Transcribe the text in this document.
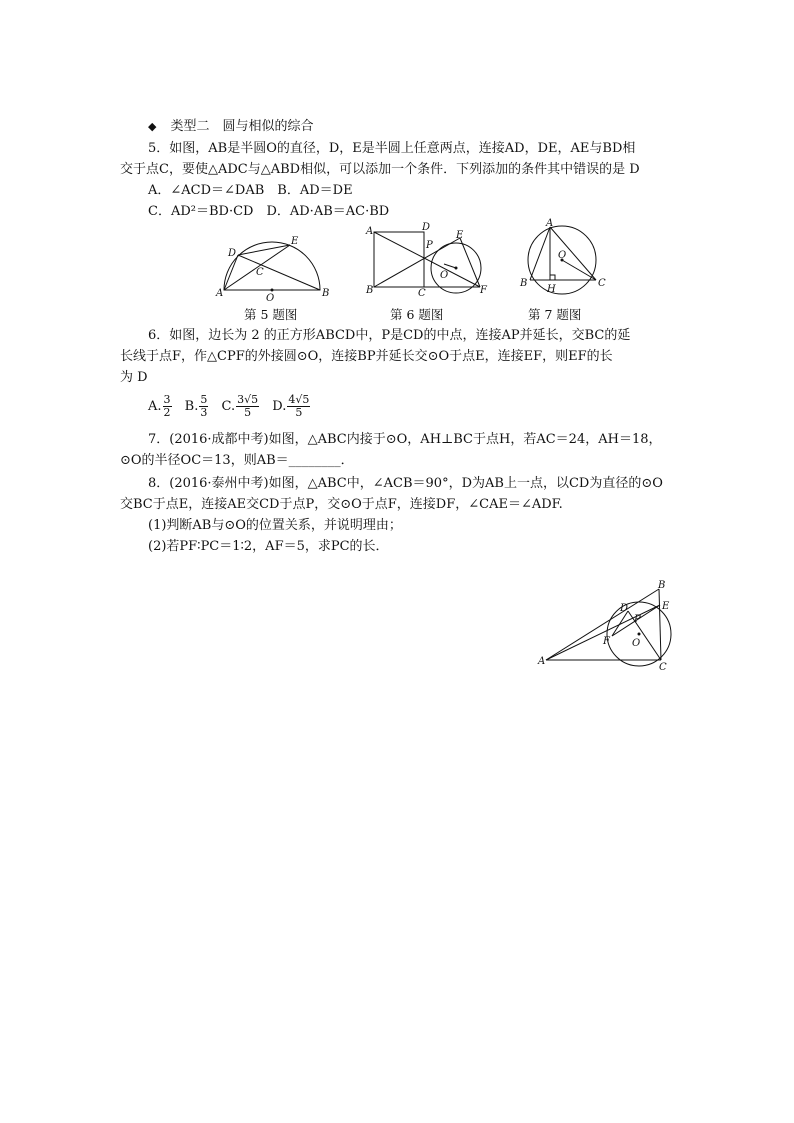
◆ 类型二　圆与相似的综合
5．如图，AB是半圆O的直径，D，E是半圆上任意两点，连接AD，DE，AE与BD相
交于点C，要使△ADC与△ABD相似，可以添加一个条件．下列添加的条件其中错误的是 D
A．∠ACD＝∠DAB　B．AD＝DE
C．AD²＝BD·CD　D．AD·AB＝AC·BD
A	B
C
D
E
O
第 5 题图
A
B	C
D
E
F
O
P
第 6 题图
A
B	C
H
O
第 7 题图
6．如图，边长为 2 的正方形ABCD中，P是CD的中点，连接AP并延长，交BC的延
长线于点F，作△CPF的外接圆⊙O，连接BP并延长交⊙O于点E，连接EF，则EF的长
为 D
A. $\frac{3}{2} B$. $\frac{5}{3} C$. $\frac{3√5}{5} D$. $\frac{4√5}{5}$
7．(2016·成都中考)如图，△ABC内接于⊙O，AH⊥BC于点H，若AC＝24，AH＝18，
⊙O的半径OC＝13，则AB＝________．
8．(2016·泰州中考)如图，△ABC中，∠ACB＝90°，D为AB上一点，以CD为直径的⊙O
交BC于点E，连接AE交CD于点P，交⊙O于点F，连接DF，∠CAE＝∠ADF.
(1)判断AB与⊙O的位置关系，并说明理由；
(2)若PF∶PC＝1∶2，AF＝5，求PC的长．
A
B
C
D	E
F O
P
